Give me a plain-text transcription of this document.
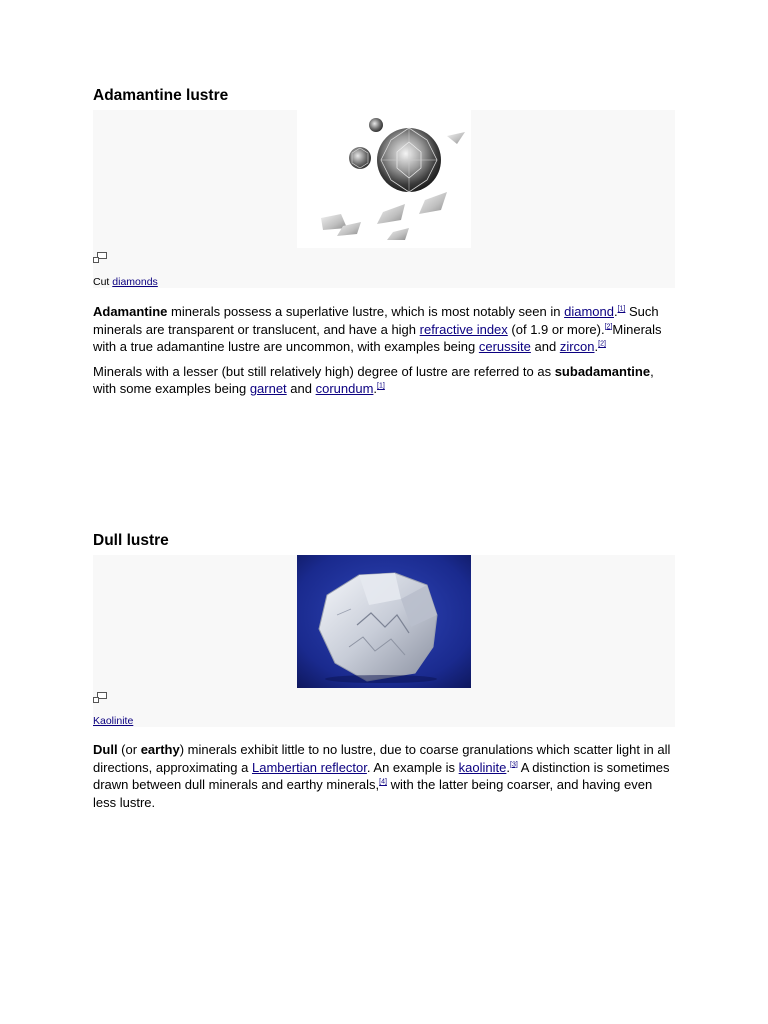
Adamantine lustre
Cut diamonds

Adamantine minerals possess a superlative lustre, which is most notably seen in diamond.[1] Such minerals are transparent or translucent, and have a high refractive index (of 1.9 or more).[2]Minerals with a true adamantine lustre are uncommon, with examples being cerussite and zircon.[2]

Minerals with a lesser (but still relatively high) degree of lustre are referred to as subadamantine, with some examples being garnet and corundum.[1]

Dull lustre
Kaolinite

Dull (or earthy) minerals exhibit little to no lustre, due to coarse granulations which scatter light in all directions, approximating a Lambertian reflector. An example is kaolinite.[3] A distinction is sometimes drawn between dull minerals and earthy minerals,[4] with the latter being coarser, and having even less lustre.
